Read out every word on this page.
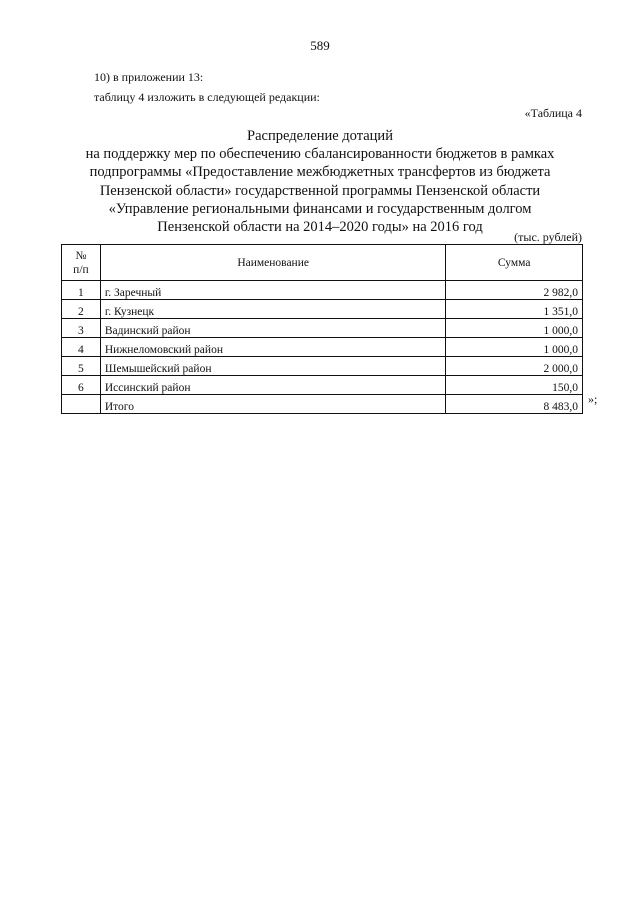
589
10) в приложении 13:
таблицу 4 изложить в следующей редакции:
«Таблица 4
Распределение дотаций
на поддержку мер по обеспечению сбалансированности бюджетов в рамках
подпрограммы «Предоставление межбюджетных трансфертов из бюджета
Пензенской области» государственной программы Пензенской области
«Управление региональными финансами и государственным долгом
Пензенской области на 2014–2020 годы» на 2016 год
(тыс. рублей)
№
п/п	Наименование	Сумма
1	г. Заречный	2 982,0
2	г. Кузнецк	1 351,0
3	Вадинский район	1 000,0
4	Нижнеломовский район	1 000,0
5	Шемышейский район	2 000,0
6	Иссинский район	150,0
	Итого	8 483,0
»;
